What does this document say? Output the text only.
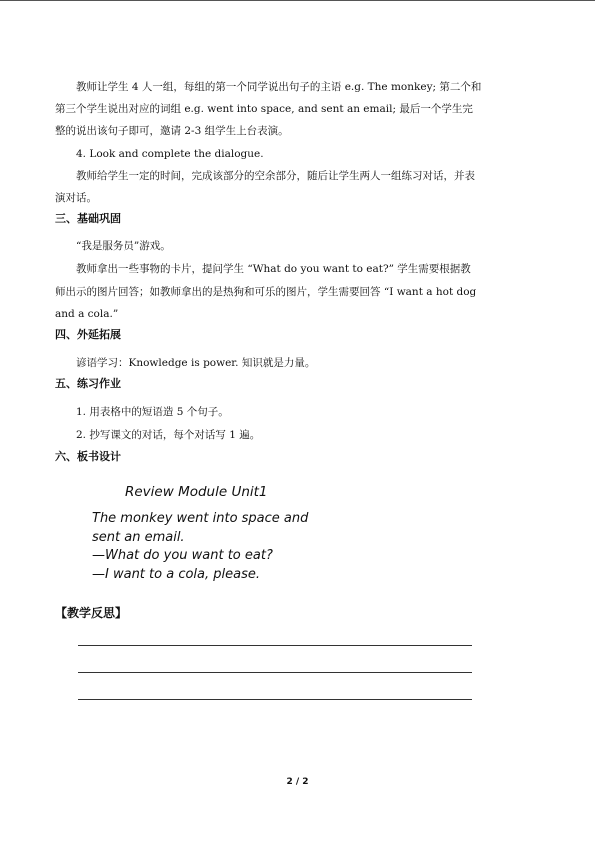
教师让学生 4 人一组，每组的第一个同学说出句子的主语 e.g. The monkey; 第二个和
第三个学生说出对应的词组 e.g. went into space, and sent an email; 最后一个学生完
整的说出该句子即可，邀请 2-3 组学生上台表演。
4. Look and complete the dialogue.
教师给学生一定的时间，完成该部分的空余部分，随后让学生两人一组练习对话，并表
演对话。
三、基础巩固
“我是服务员”游戏。
教师拿出一些事物的卡片，提问学生 “What do you want to eat?” 学生需要根据教
师出示的图片回答；如教师拿出的是热狗和可乐的图片，学生需要回答 “I want a hot dog
and a cola.”
四、外延拓展
谚语学习：Knowledge is power. 知识就是力量。
五、练习作业
1. 用表格中的短语造 5 个句子。
2. 抄写课文的对话，每个对话写 1 遍。
六、板书设计
Review Module Unit1
The monkey went into space and
sent an email.
—What do you want to eat?
—I want to a cola, please.
【教学反思】
2 / 2
